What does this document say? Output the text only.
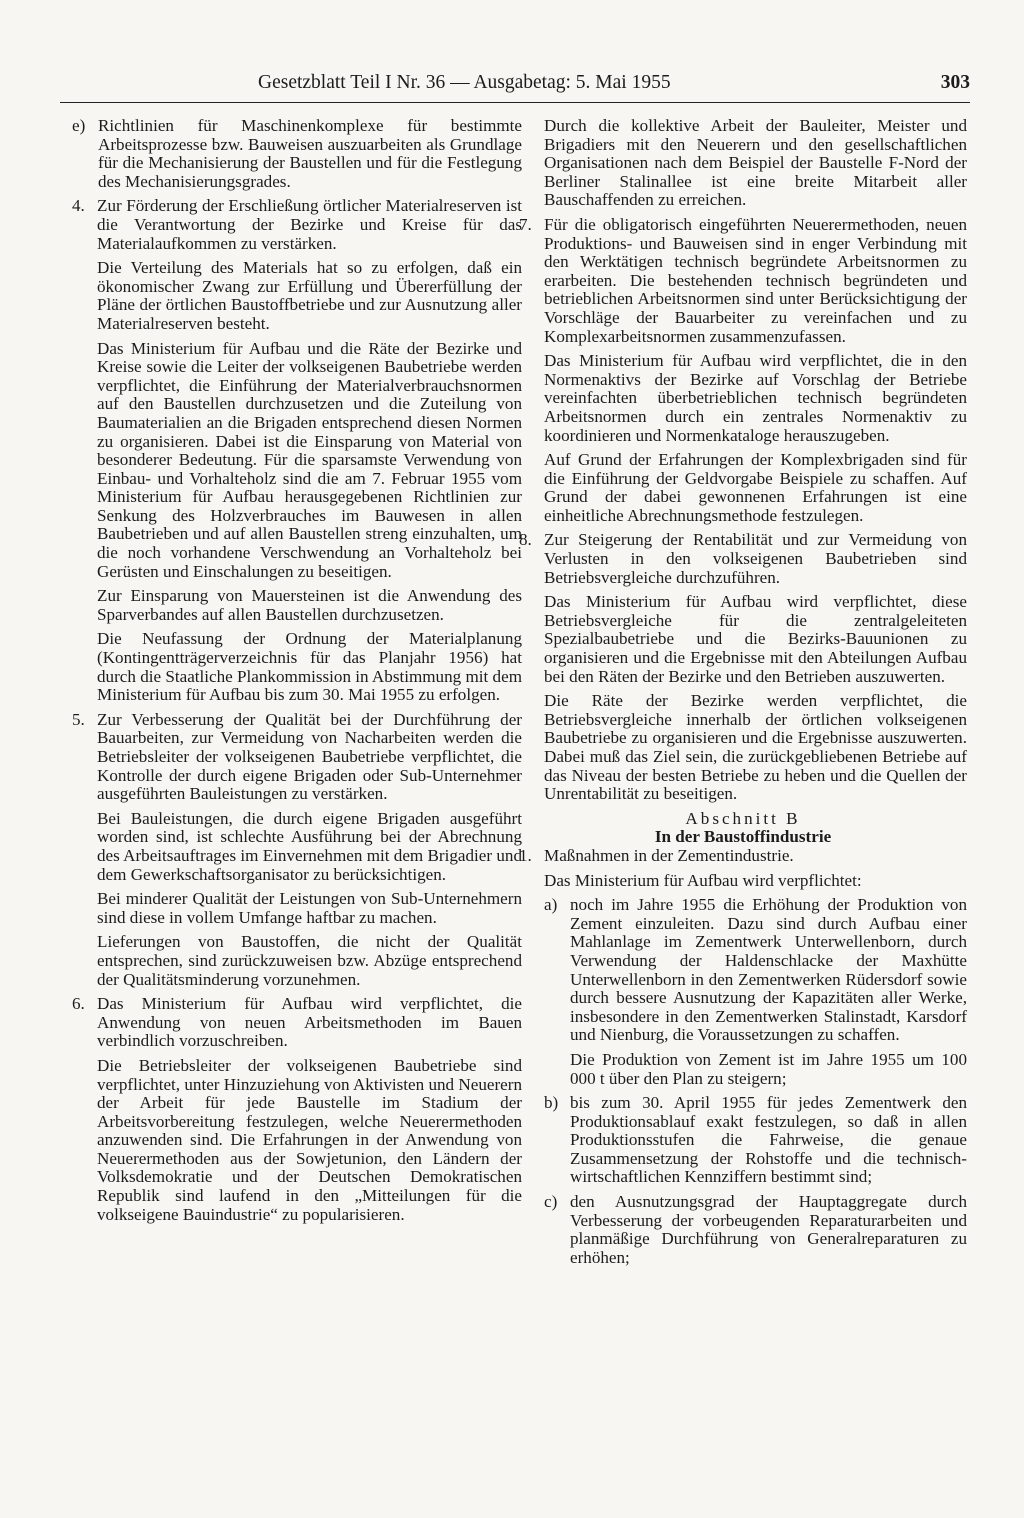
Gesetzblatt Teil I Nr. 36 — Ausgabetag: 5. Mai 1955	303
e) Richtlinien für Maschinenkomplexe für bestimmte Arbeitsprozesse bzw. Bauweisen auszuarbeiten als Grundlage für die Mechanisierung der Baustellen und für die Festlegung des Mechanisierungsgrades.

4. Zur Förderung der Erschließung örtlicher Materialreserven ist die Verantwortung der Bezirke und Kreise für das Materialaufkommen zu verstärken.

Die Verteilung des Materials hat so zu erfolgen, daß ein ökonomischer Zwang zur Erfüllung und Übererfüllung der Pläne der örtlichen Baustoffbetriebe und zur Ausnutzung aller Materialreserven besteht.

Das Ministerium für Aufbau und die Räte der Bezirke und Kreise sowie die Leiter der volkseigenen Baubetriebe werden verpflichtet, die Einführung der Materialverbrauchsnormen auf den Baustellen durchzusetzen und die Zuteilung von Baumaterialien an die Brigaden entsprechend diesen Normen zu organisieren. Dabei ist die Einsparung von Material von besonderer Bedeutung. Für die sparsamste Verwendung von Einbau- und Vorhalteholz sind die am 7. Februar 1955 vom Ministerium für Aufbau herausgegebenen Richtlinien zur Senkung des Holzverbrauches im Bauwesen in allen Baubetrieben und auf allen Baustellen streng einzuhalten, um die noch vorhandene Verschwendung an Vorhalteholz bei Gerüsten und Einschalungen zu beseitigen.

Zur Einsparung von Mauersteinen ist die Anwendung des Sparverbandes auf allen Baustellen durchzusetzen.

Die Neufassung der Ordnung der Materialplanung (Kontingentträgerverzeichnis für das Planjahr 1956) hat durch die Staatliche Plankommission in Abstimmung mit dem Ministerium für Aufbau bis zum 30. Mai 1955 zu erfolgen.

5. Zur Verbesserung der Qualität bei der Durchführung der Bauarbeiten, zur Vermeidung von Nacharbeiten werden die Betriebsleiter der volkseigenen Baubetriebe verpflichtet, die Kontrolle der durch eigene Brigaden oder Sub-Unternehmer ausgeführten Bauleistungen zu verstärken.

Bei Bauleistungen, die durch eigene Brigaden ausgeführt worden sind, ist schlechte Ausführung bei der Abrechnung des Arbeitsauftrages im Einvernehmen mit dem Brigadier und dem Gewerkschaftsorganisator zu berücksichtigen.

Bei minderer Qualität der Leistungen von Sub-Unternehmern sind diese in vollem Umfange haftbar zu machen.

Lieferungen von Baustoffen, die nicht der Qualität entsprechen, sind zurückzuweisen bzw. Abzüge entsprechend der Qualitätsminderung vorzunehmen.

6. Das Ministerium für Aufbau wird verpflichtet, die Anwendung von neuen Arbeitsmethoden im Bauen verbindlich vorzuschreiben.

Die Betriebsleiter der volkseigenen Baubetriebe sind verpflichtet, unter Hinzuziehung von Aktivisten und Neuerern der Arbeit für jede Baustelle im Stadium der Arbeitsvorbereitung festzulegen, welche Neuerermethoden anzuwenden sind. Die Erfahrungen in der Anwendung von Neuerermethoden aus der Sowjetunion, den Ländern der Volksdemokratie und der Deutschen Demokratischen Republik sind laufend in den „Mitteilungen für die volkseigene Bauindustrie“ zu popularisieren.

Durch die kollektive Arbeit der Bauleiter, Meister und Brigadiers mit den Neuerern und den gesellschaftlichen Organisationen nach dem Beispiel der Baustelle F-Nord der Berliner Stalinallee ist eine breite Mitarbeit aller Bauschaffenden zu erreichen.

7. Für die obligatorisch eingeführten Neuerermethoden, neuen Produktions- und Bauweisen sind in enger Verbindung mit den Werktätigen technisch begründete Arbeitsnormen zu erarbeiten. Die bestehenden technisch begründeten und betrieblichen Arbeitsnormen sind unter Berücksichtigung der Vorschläge der Bauarbeiter zu vereinfachen und zu Komplexarbeitsnormen zusammenzufassen.

Das Ministerium für Aufbau wird verpflichtet, die in den Normenaktivs der Bezirke auf Vorschlag der Betriebe vereinfachten überbetrieblichen technisch begründeten Arbeitsnormen durch ein zentrales Normenaktiv zu koordinieren und Normenkataloge herauszugeben.

Auf Grund der Erfahrungen der Komplexbrigaden sind für die Einführung der Geldvorgabe Beispiele zu schaffen. Auf Grund der dabei gewonnenen Erfahrungen ist eine einheitliche Abrechnungsmethode festzulegen.

8. Zur Steigerung der Rentabilität und zur Vermeidung von Verlusten in den volkseigenen Baubetrieben sind Betriebsvergleiche durchzuführen.

Das Ministerium für Aufbau wird verpflichtet, diese Betriebsvergleiche für die zentralgeleiteten Spezialbaubetriebe und die Bezirks-Bauunionen zu organisieren und die Ergebnisse mit den Abteilungen Aufbau bei den Räten der Bezirke und den Betrieben auszuwerten.

Die Räte der Bezirke werden verpflichtet, die Betriebsvergleiche innerhalb der örtlichen volkseigenen Baubetriebe zu organisieren und die Ergebnisse auszuwerten. Dabei muß das Ziel sein, die zurückgebliebenen Betriebe auf das Niveau der besten Betriebe zu heben und die Quellen der Unrentabilität zu beseitigen.

Abschnitt B
In der Baustoffindustrie
1. Maßnahmen in der Zementindustrie.

Das Ministerium für Aufbau wird verpflichtet:

a) noch im Jahre 1955 die Erhöhung der Produktion von Zement einzuleiten. Dazu sind durch Aufbau einer Mahlanlage im Zementwerk Unterwellenborn, durch Verwendung der Haldenschlacke der Maxhütte Unterwellenborn in den Zementwerken Rüdersdorf sowie durch bessere Ausnutzung der Kapazitäten aller Werke, insbesondere in den Zementwerken Stalinstadt, Karsdorf und Nienburg, die Voraussetzungen zu schaffen.

Die Produktion von Zement ist im Jahre 1955 um 100 000 t über den Plan zu steigern;

b) bis zum 30. April 1955 für jedes Zementwerk den Produktionsablauf exakt festzulegen, so daß in allen Produktionsstufen die Fahrweise, die genaue Zusammensetzung der Rohstoffe und die technisch-wirtschaftlichen Kennziffern bestimmt sind;

c) den Ausnutzungsgrad der Hauptaggregate durch Verbesserung der vorbeugenden Reparaturarbeiten und planmäßige Durchführung von Generalreparaturen zu erhöhen;
